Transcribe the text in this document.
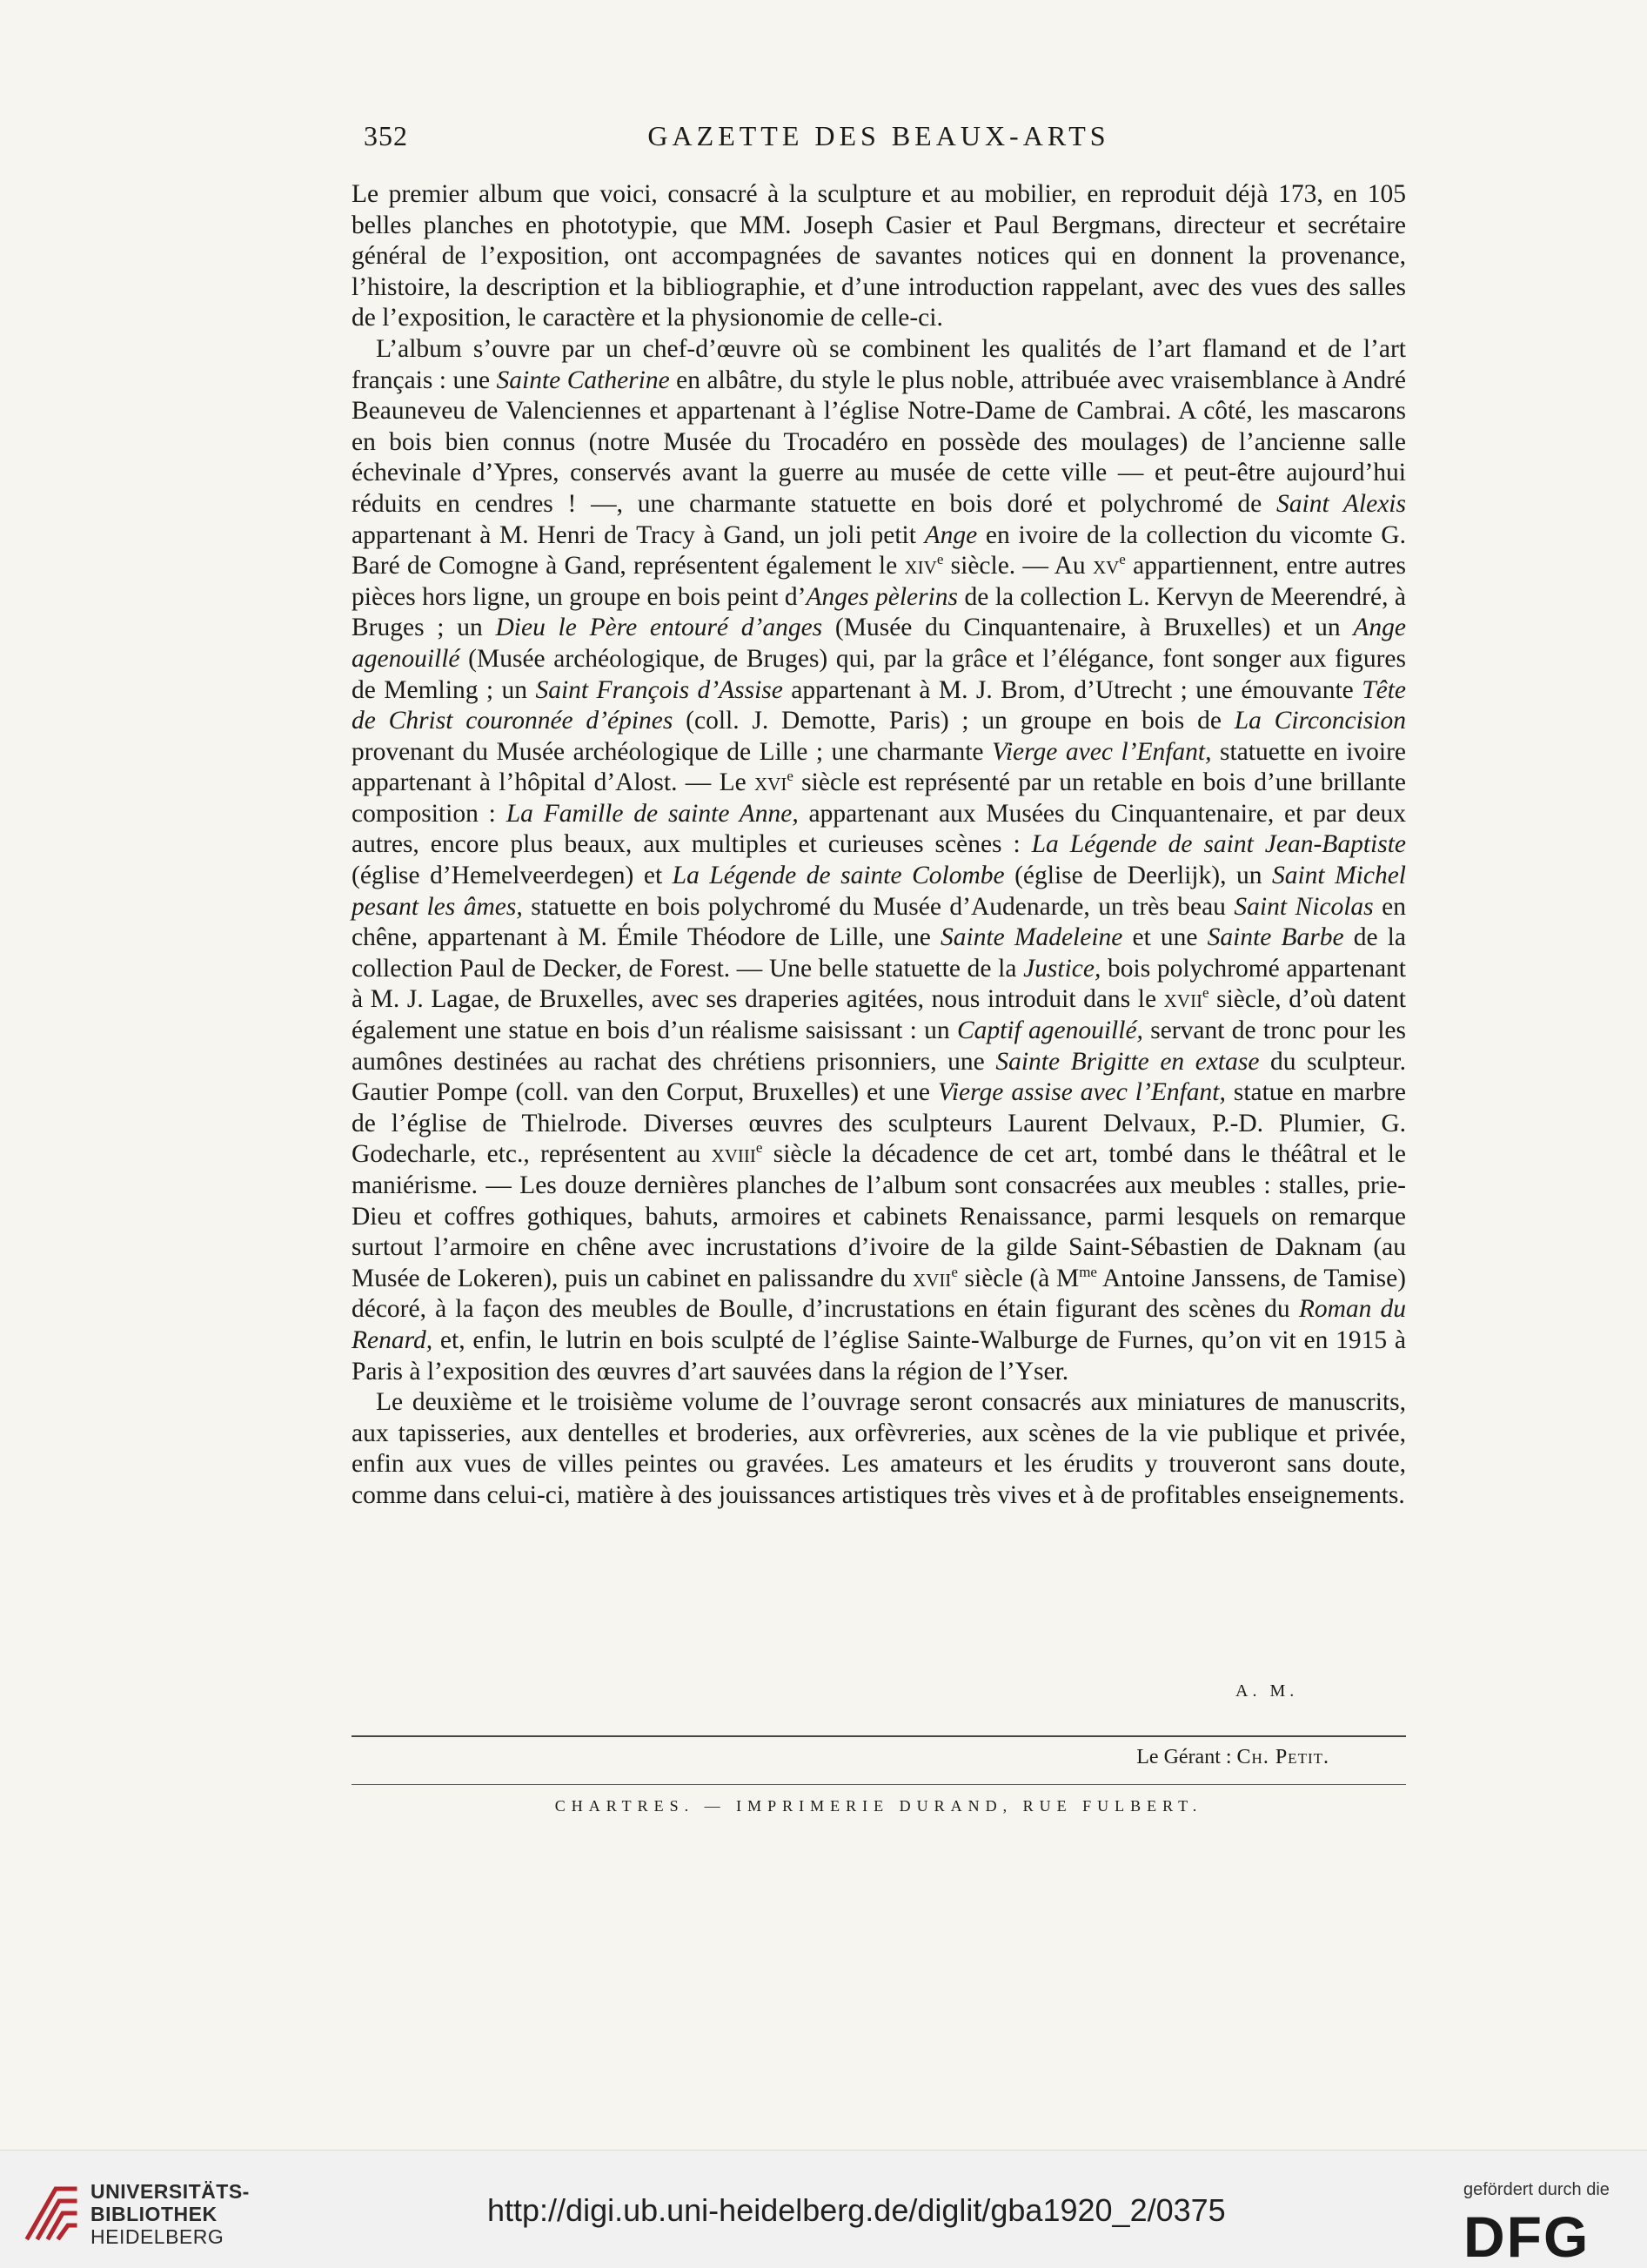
352	GAZETTE DES BEAUX-ARTS

Le premier album que voici, consacré à la sculpture et au mobilier, en reproduit déjà 173, en 105 belles planches en phototypie, que MM. Joseph Casier et Paul Bergmans, directeur et secrétaire général de l’exposition, ont accompagnées de savantes notices qui en donnent la provenance, l’histoire, la description et la bibliographie, et d’une introduction rappelant, avec des vues des salles de l’exposition, le caractère et la physionomie de celle-ci.

L’album s’ouvre par un chef-d’œuvre où se combinent les qualités de l’art flamand et de l’art français : une Sainte Catherine en albâtre, du style le plus noble, attribuée avec vraisemblance à André Beauneveu de Valenciennes et appartenant à l’église Notre-Dame de Cambrai. A côté, les mascarons en bois bien connus (notre Musée du Trocadéro en possède des moulages) de l’ancienne salle échevinale d’Ypres, conservés avant la guerre au musée de cette ville — et peut-être aujourd’hui réduits en cendres ! —, une charmante statuette en bois doré et polychromé de Saint Alexis appartenant à M. Henri de Tracy à Gand, un joli petit Ange en ivoire de la collection du vicomte G. Baré de Comogne à Gand, représentent également le xiv$^e$ siècle. — Au $xv^e$ appartiennent, entre autres pièces hors ligne, un groupe en bois peint d’Anges pèlerins de la collection L. Kervyn de Meerendré, à Bruges ; un Dieu le Père entouré d’anges (Musée du Cinquantenaire, à Bruxelles) et un Ange agenouillé (Musée archéologique, de Bruges) qui, par la grâce et l’élégance, font songer aux figures de Memling ; un Saint François d’Assise appartenant à M. J. Brom, d’Utrecht ; une émouvante Tête de Christ couronnée d’épines (coll. J. Demotte, Paris) ; un groupe en bois de La Circoncision provenant du Musée archéologique de Lille ; une charmante Vierge avec l’Enfant, statuette en ivoire appartenant à l’hôpital d’Alost. — Le xvi$^e$ siècle est représenté par un retable en bois d’une brillante composition : La Famille de sainte Anne, appartenant aux Musées du Cinquantenaire, et par deux autres, encore plus beaux, aux multiples et curieuses scènes : La Légende de saint Jean-Baptiste (église d’Hemelveerdegen) et La Légende de sainte Colombe (église de Deerlijk), un Saint Michel pesant les âmes, statuette en bois polychromé du Musée d’Audenarde, un très beau Saint Nicolas en chêne, appartenant à M. Émile Théodore de Lille, une Sainte Madeleine et une Sainte Barbe de la collection Paul de Decker, de Forest. — Une belle statuette de la Justice, bois polychromé appartenant à M. J. Lagae, de Bruxelles, avec ses draperies agitées, nous introduit dans le xvii$^e$ siècle, d’où datent également une statue en bois d’un réalisme saisissant : un Captif agenouillé, servant de tronc pour les aumônes destinées au rachat des chrétiens prisonniers, une Sainte Brigitte en extase du sculpteur. Gautier Pompe (coll. van den Corput, Bruxelles) et une Vierge assise avec l’Enfant, statue en marbre de l’église de Thielrode. Diverses œuvres des sculpteurs Laurent Delvaux, P.-D. Plumier, G. Godecharle, etc., représentent au xviii$^e$ siècle la décadence de cet art, tombé dans le théâtral et le maniérisme. — Les douze dernières planches de l’album sont consacrées aux meubles : stalles, prie-Dieu et coffres gothiques, bahuts, armoires et cabinets Renaissance, parmi lesquels on remarque surtout l’armoire en chêne avec incrustations d’ivoire de la gilde Saint-Sébastien de Daknam (au Musée de Lokeren), puis un cabinet en palissandre du xvii$^e$ siècle (à $M^{me}$ Antoine Janssens, de Tamise) décoré, à la façon des meubles de Boulle, d’incrustations en étain figurant des scènes du Roman du Renard, et, enfin, le lutrin en bois sculpté de l’église Sainte-Walburge de Furnes, qu’on vit en 1915 à Paris à l’exposition des œuvres d’art sauvées dans la région de l’Yser.

Le deuxième et le troisième volume de l’ouvrage seront consacrés aux miniatures de manuscrits, aux tapisseries, aux dentelles et broderies, aux orfèvreries, aux scènes de la vie publique et privée, enfin aux vues de villes peintes ou gravées. Les amateurs et les érudits y trouveront sans doute, comme dans celui-ci, matière à des jouissances artistiques très vives et à de profitables enseignements.

A. M.
Le Gérant : Ch. Petit.
CHARTRES. — IMPRIMERIE DURAND, RUE FULBERT.
UNIVERSITÄTS-
BIBLIOTHEK
HEIDELBERG
http://digi.ub.uni-heidelberg.de/diglit/gba1920_2/0375
gefördert durch die
DFG
